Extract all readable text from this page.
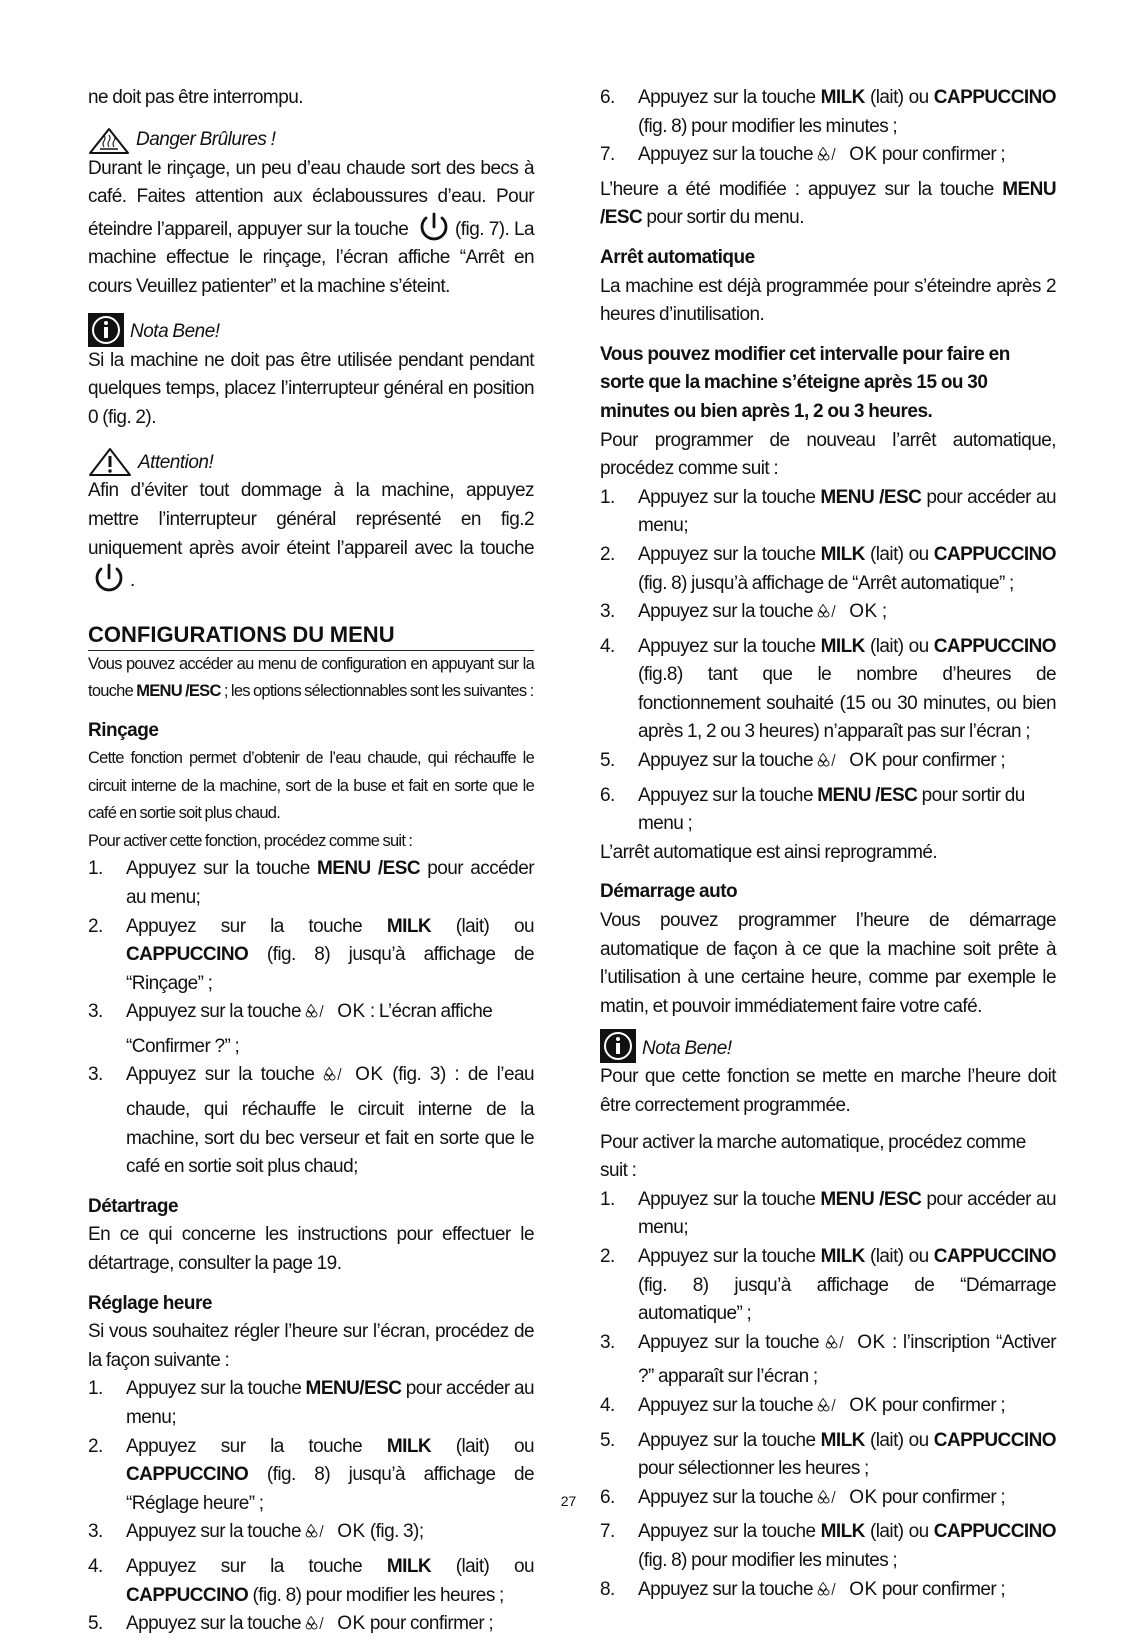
ne doit pas être interrompu.

Danger Brûlures !

Durant le rinçage, un peu d’eau chaude sort des becs à café. Faites attention aux éclaboussures d’eau. Pour éteindre l’appareil, appuyer sur la touche (fig. 7). La machine effectue le rinçage, l’écran affiche “Arrêt en cours Veuillez patienter” et la machine s’éteint.

Nota Bene!

Si la machine ne doit pas être utilisée pendant pendant quelques temps, placez l’interrupteur général en position 0 (fig. 2).

Attention!

Afin d’éviter tout dommage à la machine, appuyez mettre l’interrupteur général représenté en fig.2 uniquement après avoir éteint l’appareil avec la touche .

CONFIGURATIONS DU MENU

Vous pouvez accéder au menu de configuration en appuyant sur la touche MENU /ESC ; les options sélectionnables sont les suivantes :

Rinçage

Cette fonction permet d’obtenir de l’eau chaude, qui réchauffe le circuit interne de la machine, sort de la buse et fait en sorte que le café en sortie soit plus chaud.

Pour activer cette fonction, procédez comme suit :

1. Appuyez sur la touche MENU /ESC pour accéder au menu;
2. Appuyez sur la touche MILK (lait) ou CAPPUCCINO (fig. 8) jusqu’à affichage de “Rinçage” ;
3. Appuyez sur la touche OK : L’écran affiche “Confirmer ?” ;
3. Appuyez sur la touche OK (fig. 3) : de l’eau chaude, qui réchauffe le circuit interne de la machine, sort du bec verseur et fait en sorte que le café en sortie soit plus chaud;

Détartrage

En ce qui concerne les instructions pour effectuer le détartrage, consulter la page 19.

Réglage heure

Si vous souhaitez régler l’heure sur l’écran, procédez de la façon suivante :

1. Appuyez sur la touche MENU/ESC pour accéder au menu;
2. Appuyez sur la touche MILK (lait) ou CAPPUCCINO (fig. 8) jusqu’à affichage de “Réglage heure” ;
3. Appuyez sur la touche OK (fig. 3);
4. Appuyez sur la touche MILK (lait) ou CAPPUCCINO (fig. 8) pour modifier les heures ;
5. Appuyez sur la touche OK pour confirmer ;
6. Appuyez sur la touche MILK (lait) ou CAPPUCCINO (fig. 8) pour modifier les minutes ;
7. Appuyez sur la touche OK pour confirmer ;

L’heure a été modifiée : appuyez sur la touche MENU /ESC pour sortir du menu.

Arrêt automatique

La machine est déjà programmée pour s’éteindre après 2 heures d’inutilisation.

Vous pouvez modifier cet intervalle pour faire en sorte que la machine s’éteigne après 15 ou 30 minutes ou bien après 1, 2 ou 3 heures.

Pour programmer de nouveau l’arrêt automatique, procédez comme suit :

1. Appuyez sur la touche MENU /ESC pour accéder au menu;
2. Appuyez sur la touche MILK (lait) ou CAPPUCCINO (fig. 8) jusqu’à affichage de “Arrêt automatique” ;
3. Appuyez sur la touche OK ;
4. Appuyez sur la touche MILK (lait) ou CAPPUCCINO (fig.8) tant que le nombre d’heures de fonctionnement souhaité (15 ou 30 minutes, ou bien après 1, 2 ou 3 heures) n’apparaît pas sur l’écran ;
5. Appuyez sur la touche OK pour confirmer ;
6. Appuyez sur la touche MENU /ESC pour sortir du menu ;

L’arrêt automatique est ainsi reprogrammé.

Démarrage auto

Vous pouvez programmer l’heure de démarrage automatique de façon à ce que la machine soit prête à l’utilisation à une certaine heure, comme par exemple le matin, et pouvoir immédiatement faire votre café.

Nota Bene!

Pour que cette fonction se mette en marche l’heure doit être correctement programmée.

Pour activer la marche automatique, procédez comme suit :

1. Appuyez sur la touche MENU /ESC pour accéder au menu;
2. Appuyez sur la touche MILK (lait) ou CAPPUCCINO (fig. 8) jusqu’à affichage de “Démarrage automatique” ;
3. Appuyez sur la touche OK : l’inscription “Activer ?” apparaît sur l’écran ;
4. Appuyez sur la touche OK pour confirmer ;
5. Appuyez sur la touche MILK (lait) ou CAPPUCCINO pour sélectionner les heures ;
6. Appuyez sur la touche OK pour confirmer ;
7. Appuyez sur la touche MILK (lait) ou CAPPUCCINO (fig. 8) pour modifier les minutes ;
8. Appuyez sur la touche OK pour confirmer ;
27
